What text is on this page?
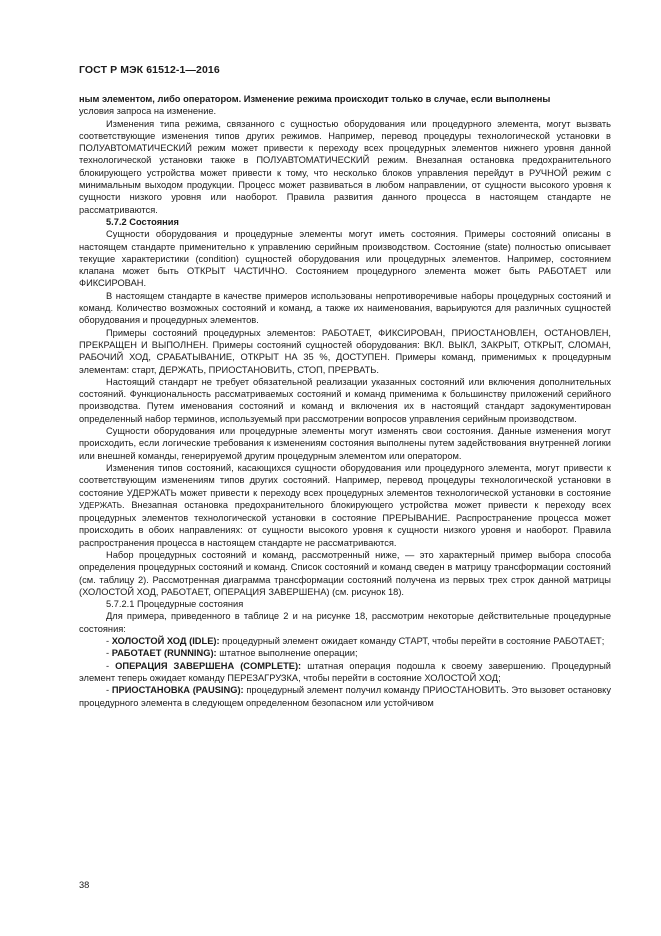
ГОСТ Р МЭК 61512-1—2016

ным элементом, либо оператором. Изменение режима происходит только в случае, если выполнены

условия запроса на изменение.

Изменения типа режима, связанного с сущностью оборудования или процедурного элемента, могут вызвать соответствующие изменения типов других режимов. Например, перевод процедуры технологической установки в ПОЛУАВТОМАТИЧЕСКИЙ режим может привести к переходу всех процедурных элементов нижнего уровня данной технологической установки также в ПОЛУАВТОМАТИЧЕСКИЙ режим. Внезапная остановка предохранительного блокирующего устройства может привести к тому, что несколько блоков управления перейдут в РУЧНОЙ режим с минимальным выходом продукции. Процесс может развиваться в любом направлении, от сущности высокого уровня к сущности низкого уровня или наоборот. Правила развития данного процесса в настоящем стандарте не рассматриваются.

5.7.2 Состояния

Сущности оборудования и процедурные элементы могут иметь состояния. Примеры состояний описаны в настоящем стандарте применительно к управлению серийным производством. Состояние (state) полностью описывает текущие характеристики (condition) сущностей оборудования или процедурных элементов. Например, состоянием клапана может быть ОТКРЫТ ЧАСТИЧНО. Состоянием процедурного элемента может быть РАБОТАЕТ или ФИКСИРОВАН.

В настоящем стандарте в качестве примеров использованы непротиворечивые наборы процедурных состояний и команд. Количество возможных состояний и команд, а также их наименования, варьируются для различных сущностей оборудования и процедурных элементов.

Примеры состояний процедурных элементов: РАБОТАЕТ, ФИКСИРОВАН, ПРИОСТАНОВЛЕН, ОСТАНОВЛЕН, ПРЕКРАЩЕН И ВЫПОЛНЕН. Примеры состояний сущностей оборудования: ВКЛ. ВЫКЛ, ЗАКРЫТ, ОТКРЫТ, СЛОМАН, РАБОЧИЙ ХОД, СРАБАТЫВАНИЕ, ОТКРЫТ НА 35 %, ДОСТУПЕН. Примеры команд, применимых к процедурным элементам: старт, ДЕРЖАТЬ, ПРИОСТАНОВИТЬ, СТОП, ПРЕРВАТЬ.

Настоящий стандарт не требует обязательной реализации указанных состояний или включения дополнительных состояний. Функциональность рассматриваемых состояний и команд применима к большинству приложений серийного производства. Путем именования состояний и команд и включения их в настоящий стандарт задокументирован определенный набор терминов, используемый при рассмотрении вопросов управления серийным производством.

Сущности оборудования или процедурные элементы могут изменять свои состояния. Данные изменения могут происходить, если логические требования к изменениям состояния выполнены путем задействования внутренней логики или внешней команды, генерируемой другим процедурным элементом или оператором.

Изменения типов состояний, касающихся сущности оборудования или процедурного элемента, могут привести к соответствующим изменениям типов других состояний. Например, перевод процедуры технологической установки в состояние УДЕРЖАТЬ может привести к переходу всех процедурных элементов технологической установки в состояние УДЕРЖАТЬ. Внезапная остановка предохранительного блокирующего устройства может привести к переходу всех процедурных элементов технологической установки в состояние ПРЕРЫВАНИЕ. Распространение процесса может происходить в обоих направлениях: от сущности высокого уровня к сущности низкого уровня и наоборот. Правила распространения процесса в настоящем стандарте не рассматриваются.

Набор процедурных состояний и команд, рассмотренный ниже, — это характерный пример выбора способа определения процедурных состояний и команд. Список состояний и команд сведен в матрицу трансформации состояний (см. таблицу 2). Рассмотренная диаграмма трансформации состояний получена из первых трех строк данной матрицы (ХОЛОСТОЙ ХОД, РАБОТАЕТ, ОПЕРАЦИЯ ЗАВЕРШЕНА) (см. рисунок 18).

5.7.2.1 Процедурные состояния

Для примера, приведенного в таблице 2 и на рисунке 18, рассмотрим некоторые действительные процедурные состояния:

- ХОЛОСТОЙ ХОД (IDLE): процедурный элемент ожидает команду СТАРТ, чтобы перейти в состояние РАБОТАЕТ;

- РАБОТАЕТ (RUNNING): штатное выполнение операции;

- ОПЕРАЦИЯ ЗАВЕРШЕНА (COMPLETE): штатная операция подошла к своему завершению. Процедурный элемент теперь ожидает команду ПЕРЕЗАГРУЗКА, чтобы перейти в состояние ХОЛОСТОЙ ХОД;

- ПРИОСТАНОВКА (PAUSING): процедурный элемент получил команду ПРИОСТАНОВИТЬ. Это вызовет остановку процедурного элемента в следующем определенном безопасном или устойчивом

38
